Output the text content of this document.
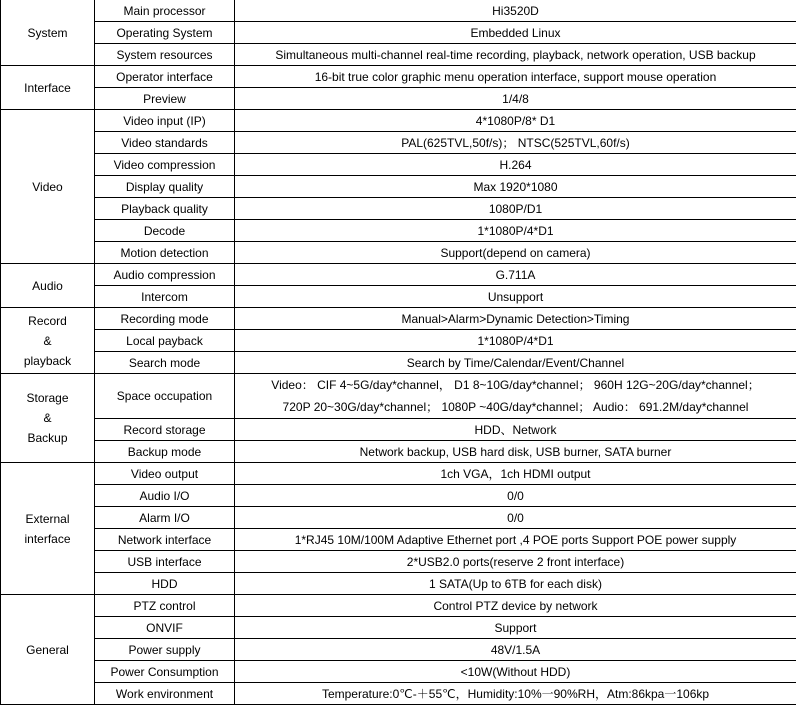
System	Main processor	Hi3520D
	Operating System	Embedded Linux
	System resources	Simultaneous multi-channel real-time recording, playback, network operation, USB backup
Interface	Operator interface	16-bit true color graphic menu operation interface, support mouse operation
	Preview	1/4/8
Video	Video input (IP)	4*1080P/8* D1
	Video standards	PAL(625TVL,50f/s)； NTSC(525TVL,60f/s)
	Video compression	H.264
	Display quality	Max 1920*1080
	Playback quality	1080P/D1
	Decode	1*1080P/4*D1
	Motion detection	Support(depend on camera)
Audio	Audio compression	G.711A
	Intercom	Unsupport
Record
&
playback	Recording mode	Manual>Alarm>Dynamic Detection>Timing
	Local payback	1*1080P/4*D1
	Search mode	Search by Time/Calendar/Event/Channel
Storage
&
Backup	Space occupation	Video： CIF 4~5G/day*channel， D1 8~10G/day*channel； 960H 12G~20G/day*channel；
720P 20~30G/day*channel； 1080P ~40G/day*channel； Audio： 691.2M/day*channel
	Record storage	HDD、Network
	Backup mode	Network backup, USB hard disk, USB burner, SATA burner
External
interface	Video output	1ch VGA，1ch HDMI output
	Audio I/O	0/0
	Alarm I/O	0/0
	Network interface	1*RJ45 10M/100M Adaptive Ethernet port ,4 POE ports Support POE power supply
	USB interface	2*USB2.0 ports(reserve 2 front interface)
	HDD	1 SATA(Up to 6TB for each disk)
General	PTZ control	Control PTZ device by network
	ONVIF	Support
	Power supply	48V/1.5A
	Power Consumption	<10W(Without HDD)
	Work environment	Temperature:0℃-＋55℃，Humidity:10%一90%RH，Atm:86kpa一106kp
